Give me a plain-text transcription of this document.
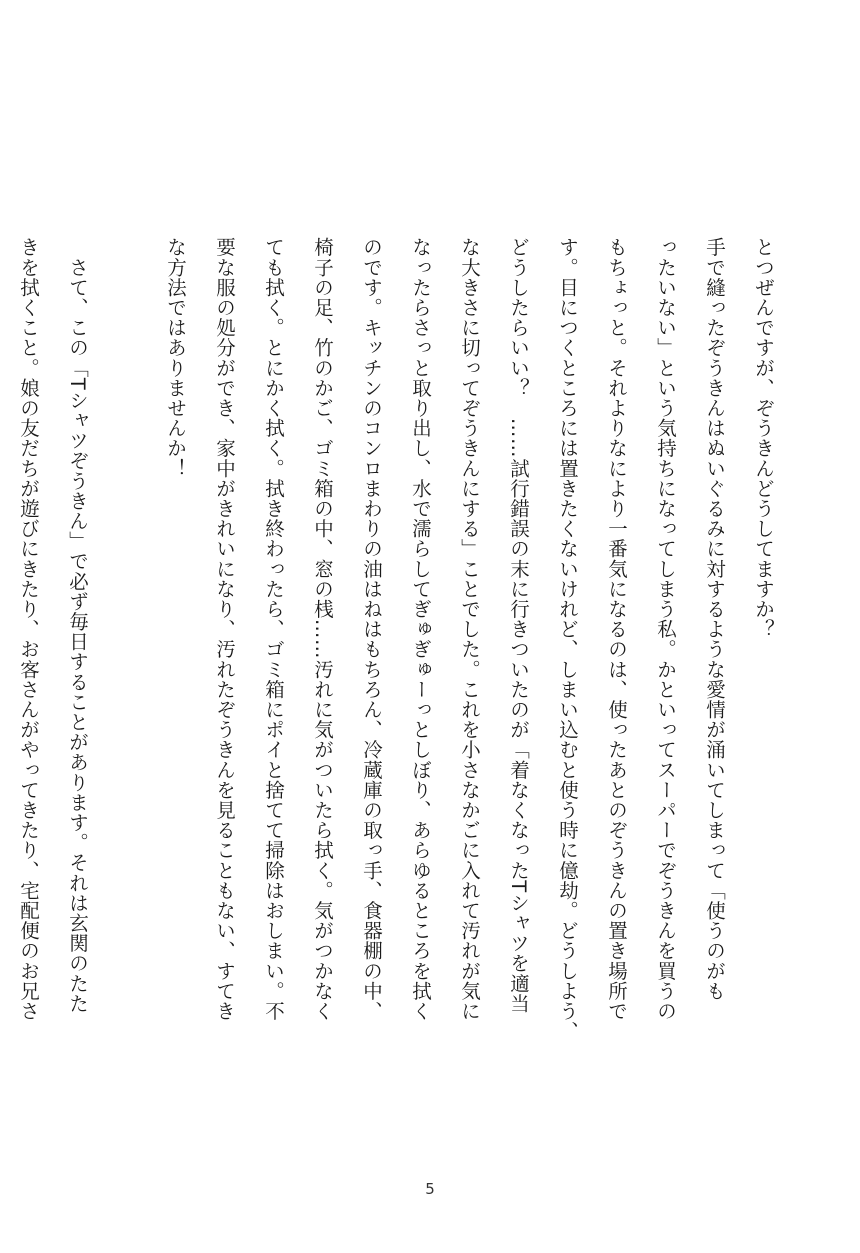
とつぜんですが、ぞうきんどうしてますか？
手で縫ったぞうきんはぬいぐるみに対するような愛情が涌いてしまって「使うのがも
ったいない」という気持ちになってしまう私。かといってスーパーでぞうきんを買うの
もちょっと。それよりなにより一番気になるのは、使ったあとのぞうきんの置き場所で
す。目につくところには置きたくないけれど、しまい込むと使う時に億劫。どうしよう、
どうしたらいい？　……試行錯誤の末に行きついたのが「着なくなったTシャツを適当
な大きさに切ってぞうきんにする」ことでした。これを小さなかごに入れて汚れが気に
なったらさっと取り出し、水で濡らしてぎゅぎゅーっとしぼり、あらゆるところを拭く
のです。キッチンのコンロまわりの油はねはもちろん、冷蔵庫の取っ手、食器棚の中、
椅子の足、竹のかご、ゴミ箱の中、窓の桟……汚れに気がついたら拭く。気がつかなく
ても拭く。とにかく拭く。拭き終わったら、ゴミ箱にポイと捨てて掃除はおしまい。不
要な服の処分ができ、家中がきれいになり、汚れたぞうきんを見ることもない、すてき
な方法ではありませんか！
　さて、この「Tシャツぞうきん」で必ず毎日することがあります。それは玄関のたた
きを拭くこと。娘の友だちが遊びにきたり、お客さんがやってきたり、宅配便のお兄さ
5
